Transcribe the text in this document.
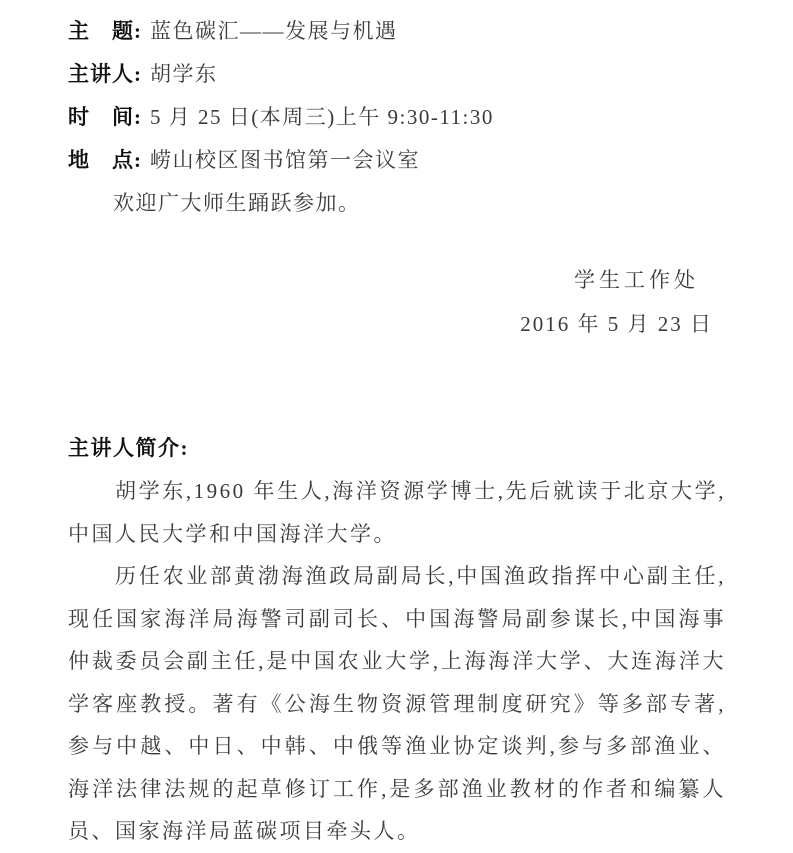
主　题: 蓝色碳汇——发展与机遇
主讲人: 胡学东
时　间: 5 月 25 日(本周三)上午 9:30-11:30
地　点: 崂山校区图书馆第一会议室
欢迎广大师生踊跃参加。
学生工作处
2016 年 5 月 23 日
主讲人简介:

胡学东,1960 年生人,海洋资源学博士,先后就读于北京大学,中国人民大学和中国海洋大学。

历任农业部黄渤海渔政局副局长,中国渔政指挥中心副主任,现任国家海洋局海警司副司长、中国海警局副参谋长,中国海事仲裁委员会副主任,是中国农业大学,上海海洋大学、大连海洋大学客座教授。著有《公海生物资源管理制度研究》等多部专著,参与中越、中日、中韩、中俄等渔业协定谈判,参与多部渔业、海洋法律法规的起草修订工作,是多部渔业教材的作者和编纂人员、国家海洋局蓝碳项目牵头人。
